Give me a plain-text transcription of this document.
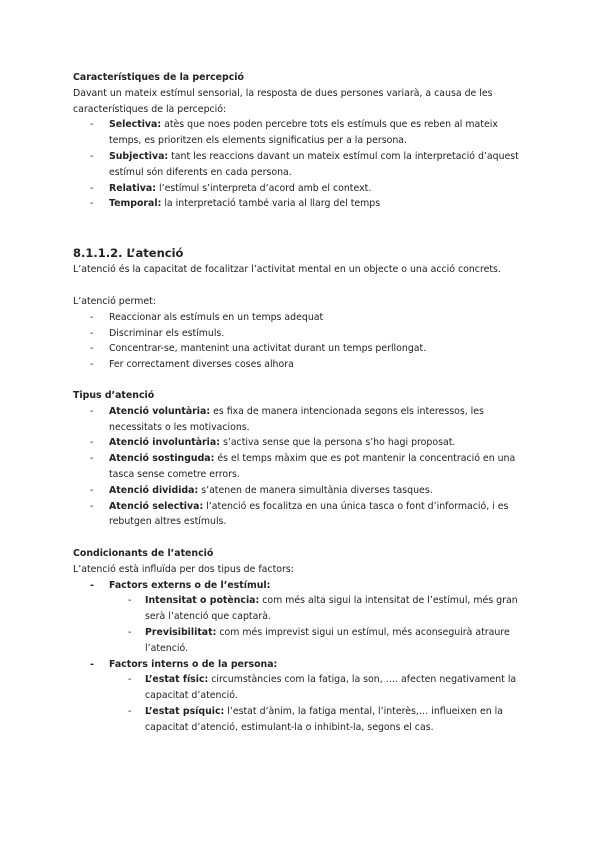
Característiques de la percepció

Davant un mateix estímul sensorial, la resposta de dues persones variarà, a causa de les característiques de la percepció:

- Selectiva: atès que noes poden percebre tots els estímuls que es reben al mateix temps, es prioritzen els elements significatius per a la persona.
- Subjectiva: tant les reaccions davant un mateix estímul com la interpretació d’aquest estímul són diferents en cada persona.
- Relativa: l’estímul s’interpreta d’acord amb el context.
- Temporal: la interpretació també varia al llarg del temps

8.1.1.2. L’atenció

L’atenció és la capacitat de focalitzar l’activitat mental en un objecte o una acció concrets.

L’atenció permet:

- Reaccionar als estímuls en un temps adequat
- Discriminar els estímuls.
- Concentrar-se, mantenint una activitat durant un temps perllongat.
- Fer correctament diverses coses alhora

Tipus d’atenció

- Atenció voluntària: es fixa de manera intencionada segons els interessos, les necessitats o les motivacions.
- Atenció involuntària: s’activa sense que la persona s’ho hagi proposat.
- Atenció sostinguda: és el temps màxim que es pot mantenir la concentració en una tasca sense cometre errors.
- Atenció dividida: s’atenen de manera simultània diverses tasques.
- Atenció selectiva: l’atenció es focalitza en una única tasca o font d’informació, i es rebutgen altres estímuls.

Condicionants de l’atenció

L’atenció està influïda per dos tipus de factors:

- Factors externs o de l’estímul:
- Intensitat o potència: com més alta sigui la intensitat de l’estímul, més gran serà l’atenció que captarà.
- Previsibilitat: com més imprevist sigui un estímul, més aconseguirà atraure l’atenció.
- Factors interns o de la persona:
- L’estat físic: circumstàncies com la fatiga, la son, …. afecten negativament la capacitat d’atenció.
- L’estat psíquic: l’estat d’ànim, la fatiga mental, l’interès,… influeixen en la capacitat d’atenció, estimulant-la o inhibint-la, segons el cas.
